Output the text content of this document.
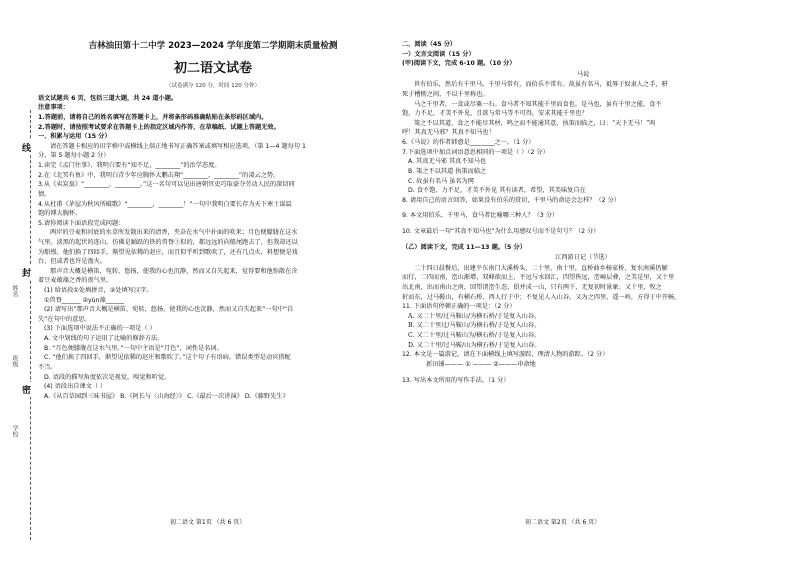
姓名
班级
学校
线
封
密
吉林油田第十二中学 2023—2024 学年度第二学期期末质量检测
初二语文试卷
（试卷满分 120 分，时间 120 分钟）

语文试题共 6 页，包括三道大题，共 24 道小题。

注意事项：

1.答题前，请将自己的姓名填写在答题卡上，并将条形码准确粘贴在条形码区域内。

2.答题时，请按照考试要求在答题卡上的指定区域内作答，在草稿纸、试题上答题无效。

一、积累与运用（15 分）

请在答题卡相应的田字格中或横线上端正地书写正确答案或填写相应选项。（第 1—4 题每句 1

分，第 5 题每小题 2 分）

1.读完《孟门往事》，我明白要有“知不足，________”的治学态度。

2.在《北冥有鱼》中，我明白青少年应胸怀大鹏击翔“________，________”的凌云之势。

3.从《卖炭翁》“________，________。”这一名句可以见出唐朝官吏巧取豪夺劳动人民的深切同

情。

4.从杜甫《茅屋为秋风所破歌》“________，________！”一句中我明白要长存为天下寒士谋温

饱的博大胸怀。

5.请你阅读下面语段完成问题：

两岸的豆麦和河底的水草所发散出来的清香，夹杂在水气中扑面的吹来；月色便朦胧在这水

气里。淡黑的起伏的连山，仿佛是踊跃的铁的兽脊①似的，都远远的向船尾跑去了，但我却还以

为船慢。他们换了四回手，渐望见依稀的赵庄，而且似乎听到歌吹了，还有几点火，料想便是戏

台，但或者也许是渔火。

那声音大概是横笛，宛转，悠扬，使我的心也沉静，然而又自失起来，觉得要和他弥散在含

着豆麦蕴藻之香的夜气里。

(1) 给语段①处填拼音，②处填写汉字。

①兽脊______ ②yùn藻______

(2) 请写出“那声音大概是横笛，宛转，悠扬，使我的心也沉静，然而又自失起来”一句中“自

失”在句中的意思。

(3) 下面选项中说法不正确的一项是（ ）

A. 文中划线的句子运用了比喻的修辞方法。

B. “月色便朦胧在这水气里。”一句中主语是“月色”，词性是名词。

C. “他们换了四回手，渐望见依稀的赵庄和歌吹了。”这个句子有语病，错误类型是动宾搭配

不当。

D. 语段的描写角度依次是视觉，嗅觉和听觉。

(4) 语段出自课文（ ）

A.《从百草园到三味书屋》 B.《阿长与〈山海经〉》 C.《最后一次讲演》 D.《藤野先生》

二、阅读（45 分）

一）文言文阅读（15 分）

(甲)阅读下文，完成 6-10 题。（10 分）

马说

世有伯乐，然后有千里马。千里马常有，而伯乐不常有。故虽有名马，祗辱于奴隶人之手，骈

死于槽枥之间，不以千里称也。

马之千里者，一食或尽粟一石。食马者不知其能千里而食也。是马也，虽有千里之能，食不

饱，力不足，才美不外见，且欲与常马等不可得，安求其能千里也？

策之不以其道，食之不能尽其材，鸣之而不能通其意，执策而临之，曰：“天下无马！”呜

呼！其真无马邪？其真不知马也！

6.《马说》的作者韩愈是________之一。（1 分）

7.下面选项中加点词语意思相同的一项是（ ）（2 分）

A. 其真无马邪 其真不知马也

B. 策之不以其道 执策而临之

C. 故虽有名马 虽名为网

D. 食不饱，力不足，才美不外见 其有读者，希望，其美味复自在

8. 请用自己的语言回答，如果没有伯乐的赏识，千里马的命运会怎样？（2 分）

9. 本文用伯乐、千里马，食马者比喻哪三种人？（3 分）

10. 文章最后一句“其真不知马也”为什么用感叹号而不是句号？（2 分）

（乙）阅读下文，完成 11—13 题。（5 分）

江西游日记（节选）

二十四日晨餐后，出建平东南门大溪桥头，二十里，南十里，直桥曲乡杨家桥，复水南溪仍解

而行，二四而南，峦山渐增，双峰欲而上，平远与水回汇，四望皆远，峦嶂层叠，之美是里，又十里

出北南，出而南山之南，回望诸峦生态，俱并成一山，只有两下，无复初时景象。又十里，牧之

折而东，过马鞍山，有横石桥，西人行于中；不复见人入山谷。又为之四里，遥一岭，方得于中开畅。

11. 下面语句停顿正确的一项是：（2 分）

A. 又二十里/过马鞍山/为横石桥/于是复入山谷。

B. 又二十里过/马鞍山/为横石桥/于是复入山谷。

C. 又二十里/过马鞍山为/横石桥/于是复入山谷。

D. 又二十里/过马鞍/山为横石桥/于是复入山谷。

12. 本文是一篇游记，请在下面横线上填写游踪，理清人物的游踪。（2 分）

新田铺——— ① ——— ②———申命地

13. 写出本文所用的写作手法。（1 分）

初二语文 第1页 （共 6 页）	初二语文 第2页 （共 6 页）
